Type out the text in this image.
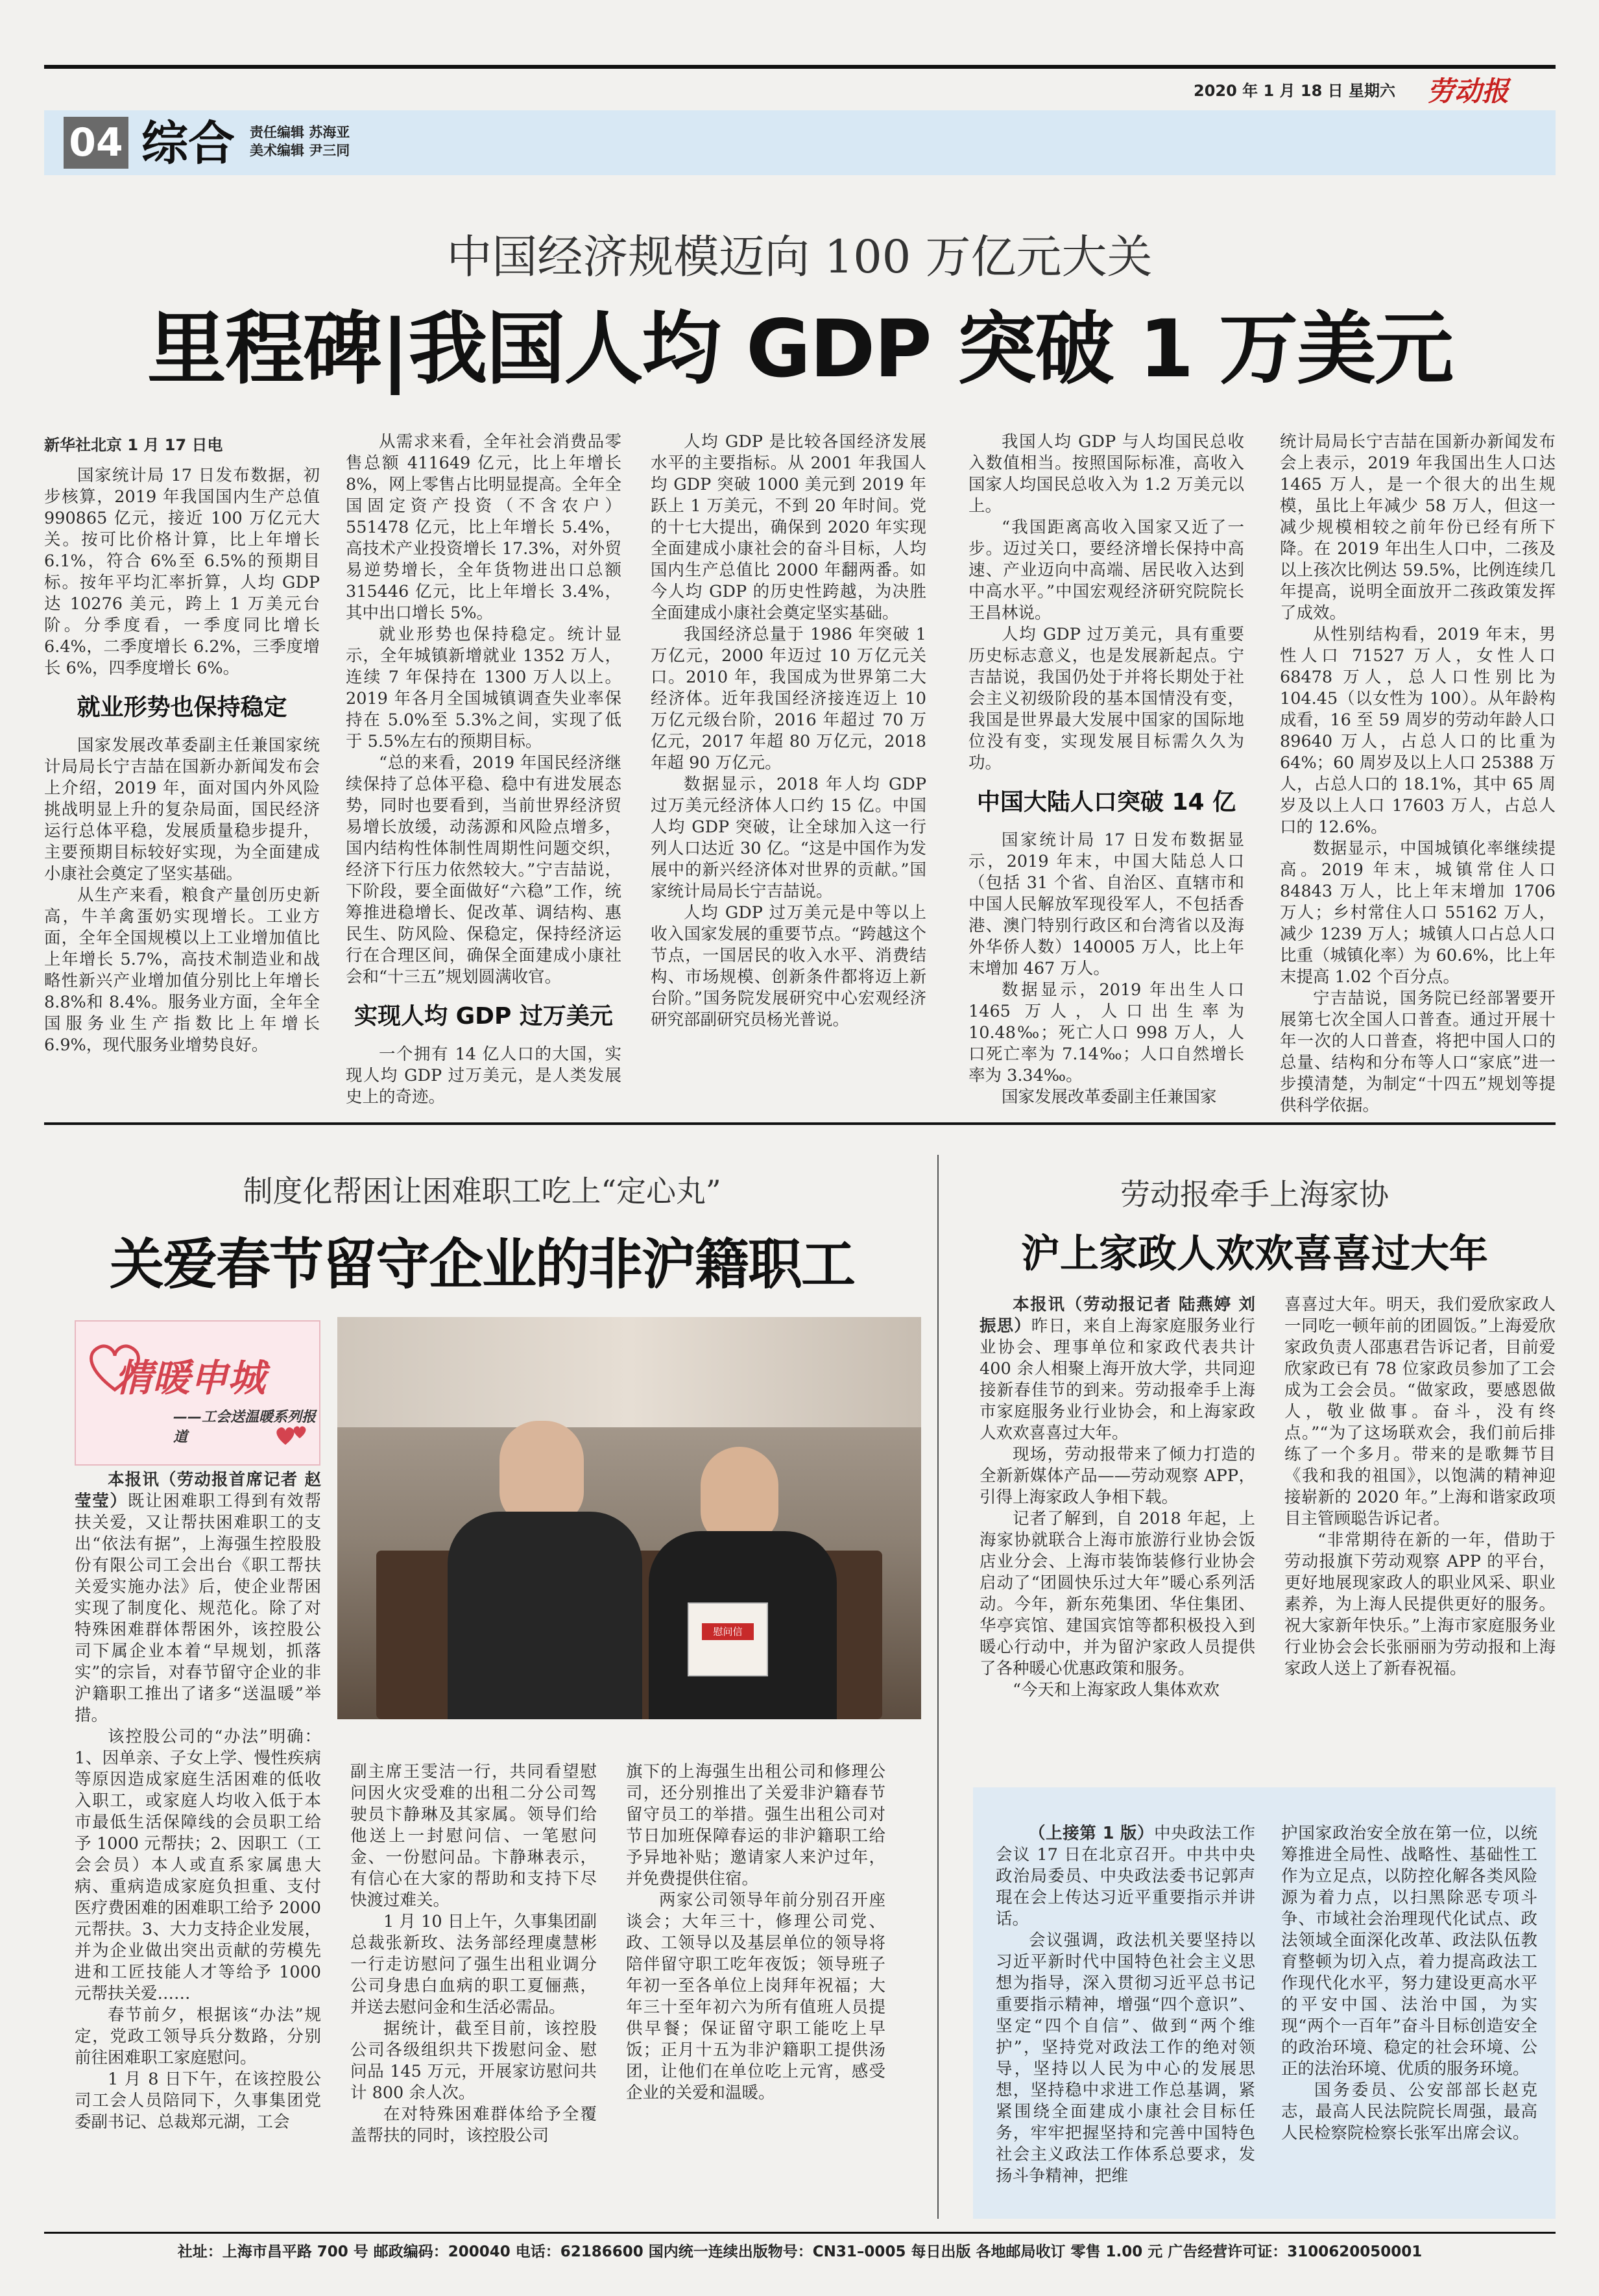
2020 年 1 月 18 日 星期六 劳动报
04 综合 责任编辑 苏海亚
美术编辑 尹三同
中国经济规模迈向 100 万亿元大关
里程碑|我国人均 GDP 突破 1 万美元

新华社北京 1 月 17 日电

国家统计局 17 日发布数据，初步核算，2019 年我国国内生产总值 990865 亿元，接近 100 万亿元大关。按可比价格计算，比上年增长 6.1%，符合 6%至 6.5%的预期目标。按年平均汇率折算，人均 GDP 达 10276 美元，跨上 1 万美元台阶。分季度看，一季度同比增长 6.4%，二季度增长 6.2%，三季度增长 6%，四季度增长 6%。

就业形势也保持稳定

国家发展改革委副主任兼国家统计局局长宁吉喆在国新办新闻发布会上介绍，2019 年，面对国内外风险挑战明显上升的复杂局面，国民经济运行总体平稳，发展质量稳步提升，主要预期目标较好实现，为全面建成小康社会奠定了坚实基础。

从生产来看，粮食产量创历史新高，牛羊禽蛋奶实现增长。工业方面，全年全国规模以上工业增加值比上年增长 5.7%，高技术制造业和战略性新兴产业增加值分别比上年增长 8.8%和 8.4%。服务业方面，全年全国服务业生产指数比上年增长 6.9%，现代服务业增势良好。

从需求来看，全年社会消费品零售总额 411649 亿元，比上年增长 8%，网上零售占比明显提高。全年全国固定资产投资（不含农户）551478 亿元，比上年增长 5.4%，高技术产业投资增长 17.3%，对外贸易逆势增长，全年货物进出口总额 315446 亿元，比上年增长 3.4%，其中出口增长 5%。

就业形势也保持稳定。统计显示，全年城镇新增就业 1352 万人，连续 7 年保持在 1300 万人以上。2019 年各月全国城镇调查失业率保持在 5.0%至 5.3%之间，实现了低于 5.5%左右的预期目标。

“总的来看，2019 年国民经济继续保持了总体平稳、稳中有进发展态势，同时也要看到，当前世界经济贸易增长放缓，动荡源和风险点增多，国内结构性体制性周期性问题交织，经济下行压力依然较大。”宁吉喆说，下阶段，要全面做好“六稳”工作，统筹推进稳增长、促改革、调结构、惠民生、防风险、保稳定，保持经济运行在合理区间，确保全面建成小康社会和“十三五”规划圆满收官。

实现人均 GDP 过万美元

一个拥有 14 亿人口的大国，实现人均 GDP 过万美元，是人类发展史上的奇迹。

人均 GDP 是比较各国经济发展水平的主要指标。从 2001 年我国人均 GDP 突破 1000 美元到 2019 年跃上 1 万美元，不到 20 年时间。党的十七大提出，确保到 2020 年实现全面建成小康社会的奋斗目标，人均国内生产总值比 2000 年翻两番。如今人均 GDP 的历史性跨越，为决胜全面建成小康社会奠定坚实基础。

我国经济总量于 1986 年突破 1 万亿元，2000 年迈过 10 万亿元关口。2010 年，我国成为世界第二大经济体。近年我国经济接连迈上 10 万亿元级台阶，2016 年超过 70 万亿元，2017 年超 80 万亿元，2018 年超 90 万亿元。

数据显示，2018 年人均 GDP 过万美元经济体人口约 15 亿。中国人均 GDP 突破，让全球加入这一行列人口达近 30 亿。“这是中国作为发展中的新兴经济体对世界的贡献。”国家统计局局长宁吉喆说。

人均 GDP 过万美元是中等以上收入国家发展的重要节点。“跨越这个节点，一国居民的收入水平、消费结构、市场规模、创新条件都将迈上新台阶。”国务院发展研究中心宏观经济研究部副研究员杨光普说。

我国人均 GDP 与人均国民总收入数值相当。按照国际标准，高收入国家人均国民总收入为 1.2 万美元以上。

“我国距离高收入国家又近了一步。迈过关口，要经济增长保持中高速、产业迈向中高端、居民收入达到中高水平。”中国宏观经济研究院院长王昌林说。

人均 GDP 过万美元，具有重要历史标志意义，也是发展新起点。宁吉喆说，我国仍处于并将长期处于社会主义初级阶段的基本国情没有变，我国是世界最大发展中国家的国际地位没有变，实现发展目标需久久为功。

中国大陆人口突破 14 亿

国家统计局 17 日发布数据显示，2019 年末，中国大陆总人口（包括 31 个省、自治区、直辖市和中国人民解放军现役军人，不包括香港、澳门特别行政区和台湾省以及海外华侨人数）140005 万人，比上年末增加 467 万人。

数据显示，2019 年出生人口 1465 万人，人口出生率为 10.48‰；死亡人口 998 万人，人口死亡率为 7.14‰；人口自然增长率为 3.34‰。

国家发展改革委副主任兼国家

统计局局长宁吉喆在国新办新闻发布会上表示，2019 年我国出生人口达 1465 万人，是一个很大的出生规模，虽比上年减少 58 万人，但这一减少规模相较之前年份已经有所下降。在 2019 年出生人口中，二孩及以上孩次比例达 59.5%，比例连续几年提高，说明全面放开二孩政策发挥了成效。

从性别结构看，2019 年末，男性人口 71527 万人，女性人口 68478 万人，总人口性别比为 104.45（以女性为 100）。从年龄构成看，16 至 59 周岁的劳动年龄人口 89640 万人，占总人口的比重为 64%；60 周岁及以上人口 25388 万人，占总人口的 18.1%，其中 65 周岁及以上人口 17603 万人，占总人口的 12.6%。

数据显示，中国城镇化率继续提高。2019 年末，城镇常住人口 84843 万人，比上年末增加 1706 万人；乡村常住人口 55162 万人，减少 1239 万人；城镇人口占总人口比重（城镇化率）为 60.6%，比上年末提高 1.02 个百分点。

宁吉喆说，国务院已经部署要开展第七次全国人口普查。通过开展十年一次的人口普查，将把中国人口的总量、结构和分布等人口“家底”进一步摸清楚，为制定“十四五”规划等提供科学依据。

制度化帮困让困难职工吃上“定心丸”
关爱春节留守企业的非沪籍职工
情暖申城
——工会送温暖系列报道
慰问信

本报讯（劳动报首席记者 赵莹莹）既让困难职工得到有效帮扶关爱，又让帮扶困难职工的支出“依法有据”，上海强生控股股份有限公司工会出台《职工帮扶关爱实施办法》后，使企业帮困实现了制度化、规范化。除了对特殊困难群体帮困外，该控股公司下属企业本着“早规划，抓落实”的宗旨，对春节留守企业的非沪籍职工推出了诸多“送温暖”举措。

该控股公司的“办法”明确：1、因单亲、子女上学、慢性疾病等原因造成家庭生活困难的低收入职工，或家庭人均收入低于本市最低生活保障线的会员职工给予 1000 元帮扶；2、因职工（工会会员）本人或直系家属患大病、重病造成家庭负担重、支付医疗费困难的困难职工给予 2000 元帮扶。3、大力支持企业发展，并为企业做出突出贡献的劳模先进和工匠技能人才等给予 1000 元帮扶关爱……

春节前夕，根据该“办法”规定，党政工领导兵分数路，分别前往困难职工家庭慰问。

1 月 8 日下午，在该控股公司工会人员陪同下，久事集团党委副书记、总裁郑元湖，工会

副主席王雯洁一行，共同看望慰问因火灾受难的出租二分公司驾驶员卞静琳及其家属。领导们给他送上一封慰问信、一笔慰问金、一份慰问品。卞静琳表示，有信心在大家的帮助和支持下尽快渡过难关。

1 月 10 日上午，久事集团副总裁张新玫、法务部经理虞慧彬一行走访慰问了强生出租业调分公司身患白血病的职工夏俪燕，并送去慰问金和生活必需品。

据统计，截至目前，该控股公司各级组织共下拨慰问金、慰问品 145 万元，开展家访慰问共计 800 余人次。

在对特殊困难群体给予全覆盖帮扶的同时，该控股公司

旗下的上海强生出租公司和修理公司，还分别推出了关爱非沪籍春节留守员工的举措。强生出租公司对节日加班保障春运的非沪籍职工给予异地补贴；邀请家人来沪过年，并免费提供住宿。

两家公司领导年前分别召开座谈会；大年三十，修理公司党、政、工领导以及基层单位的领导将陪伴留守职工吃年夜饭；领导班子年初一至各单位上岗拜年祝福；大年三十至年初六为所有值班人员提供早餐；保证留守职工能吃上早饭；正月十五为非沪籍职工提供汤团，让他们在单位吃上元宵，感受企业的关爱和温暖。

劳动报牵手上海家协
沪上家政人欢欢喜喜过大年

本报讯（劳动报记者 陆燕婷 刘振思）昨日，来自上海家庭服务业行业协会、理事单位和家政代表共计 400 余人相聚上海开放大学，共同迎接新春佳节的到来。劳动报牵手上海市家庭服务业行业协会，和上海家政人欢欢喜喜过大年。

现场，劳动报带来了倾力打造的全新新媒体产品——劳动观察 APP，引得上海家政人争相下载。

记者了解到，自 2018 年起，上海家协就联合上海市旅游行业协会饭店业分会、上海市装饰装修行业协会启动了“团圆快乐过大年”暖心系列活动。今年，新东苑集团、华住集团、华亭宾馆、建国宾馆等都积极投入到暖心行动中，并为留沪家政人员提供了各种暖心优惠政策和服务。

“今天和上海家政人集体欢欢

喜喜过大年。明天，我们爱欣家政人一同吃一顿年前的团圆饭。”上海爱欣家政负责人邵惠君告诉记者，目前爱欣家政已有 78 位家政员参加了工会成为工会会员。“做家政，要感恩做人，敬业做事。奋斗，没有终点。”“为了这场联欢会，我们前后排练了一个多月。带来的是歌舞节目《我和我的祖国》，以饱满的精神迎接崭新的 2020 年。”上海和谐家政项目主管顾聪告诉记者。

“非常期待在新的一年，借助于劳动报旗下劳动观察 APP 的平台，更好地展现家政人的职业风采、职业素养，为上海人民提供更好的服务。祝大家新年快乐。”上海市家庭服务业行业协会会长张丽丽为劳动报和上海家政人送上了新春祝福。

（上接第 1 版）中央政法工作会议 17 日在北京召开。中共中央政治局委员、中央政法委书记郭声琨在会上传达习近平重要指示并讲话。

会议强调，政法机关要坚持以习近平新时代中国特色社会主义思想为指导，深入贯彻习近平总书记重要指示精神，增强“四个意识”、坚定“四个自信”、做到“两个维护”，坚持党对政法工作的绝对领导，坚持以人民为中心的发展思想，坚持稳中求进工作总基调，紧紧围绕全面建成小康社会目标任务，牢牢把握坚持和完善中国特色社会主义政法工作体系总要求，发扬斗争精神，把维

护国家政治安全放在第一位，以统筹推进全局性、战略性、基础性工作为立足点，以防控化解各类风险源为着力点，以扫黑除恶专项斗争、市域社会治理现代化试点、政法领域全面深化改革、政法队伍教育整顿为切入点，着力提高政法工作现代化水平，努力建设更高水平的平安中国、法治中国，为实现“两个一百年”奋斗目标创造安全的政治环境、稳定的社会环境、公正的法治环境、优质的服务环境。

国务委员、公安部部长赵克志，最高人民法院院长周强，最高人民检察院检察长张军出席会议。

社址：上海市昌平路 700 号 邮政编码：200040 电话：62186600 国内统一连续出版物号：CN31–0005 每日出版 各地邮局收订 零售 1.00 元 广告经营许可证：3100620050001
